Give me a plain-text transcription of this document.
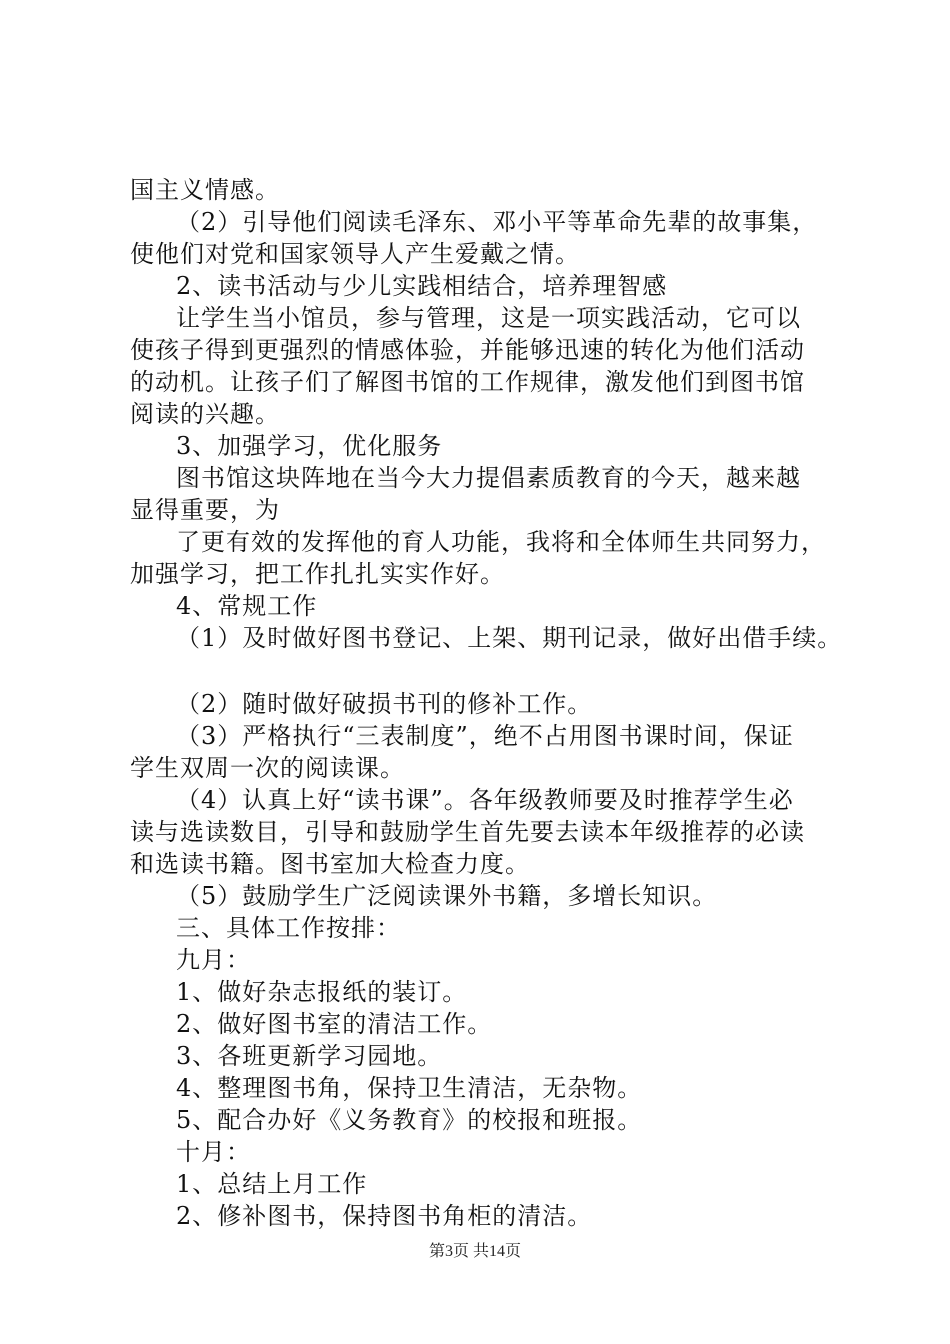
国主义情感。
（2）引导他们阅读毛泽东、邓小平等革命先辈的故事集，
使他们对党和国家领导人产生爱戴之情。
2、读书活动与少儿实践相结合，培养理智感
让学生当小馆员，参与管理，这是一项实践活动，它可以
使孩子得到更强烈的情感体验，并能够迅速的转化为他们活动
的动机。让孩子们了解图书馆的工作规律，激发他们到图书馆
阅读的兴趣。
3、加强学习，优化服务
图书馆这块阵地在当今大力提倡素质教育的今天，越来越
显得重要，为
了更有效的发挥他的育人功能，我将和全体师生共同努力，
加强学习，把工作扎扎实实作好。
4、常规工作
（1）及时做好图书登记、上架、期刊记录，做好出借手续。
（2）随时做好破损书刊的修补工作。
（3）严格执行“三表制度”，绝不占用图书课时间，保证
学生双周一次的阅读课。
（4）认真上好“读书课”。各年级教师要及时推荐学生必
读与选读数目，引导和鼓励学生首先要去读本年级推荐的必读
和选读书籍。图书室加大检查力度。
（5）鼓励学生广泛阅读课外书籍，多增长知识。
三、具体工作按排：
九月：
1、做好杂志报纸的装订。
2、做好图书室的清洁工作。
3、各班更新学习园地。
4、整理图书角，保持卫生清洁，无杂物。
5、配合办好《义务教育》的校报和班报。
十月：
1、总结上月工作
2、修补图书，保持图书角柜的清洁。
第3页 共14页
